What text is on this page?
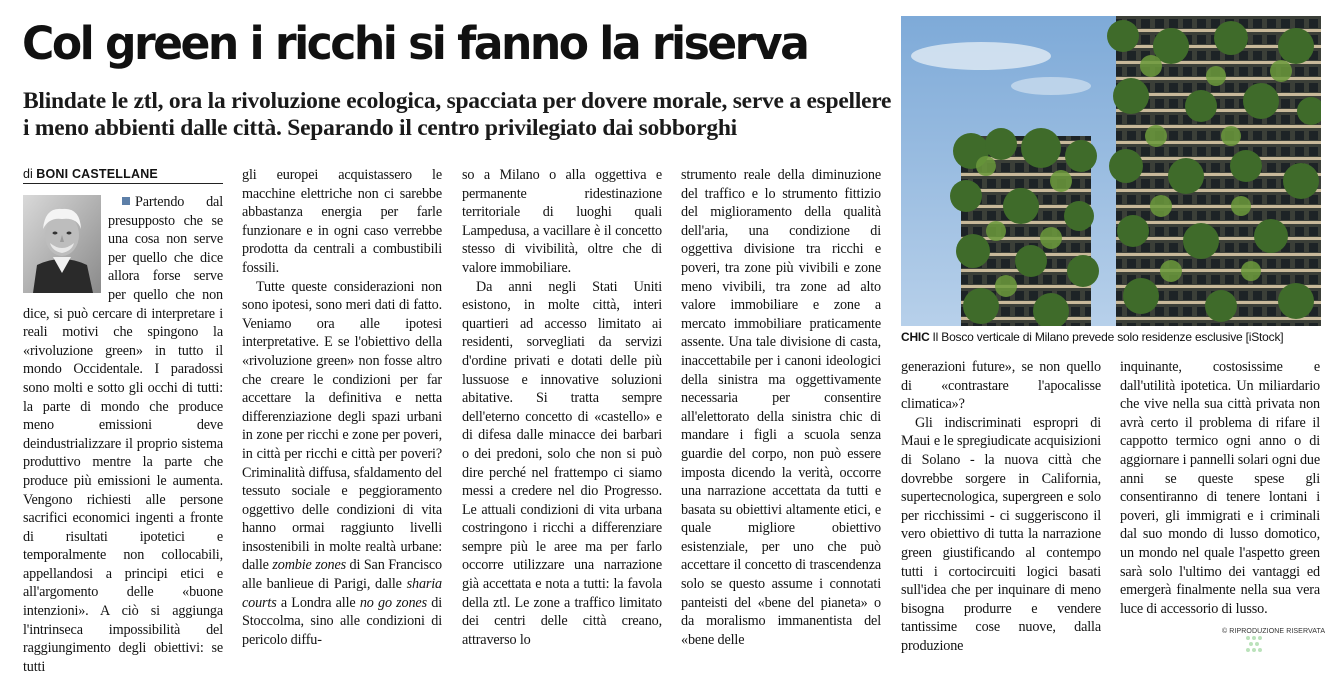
Col green i ricchi si fanno la riserva
Blindate le ztl, ora la rivoluzione ecologica, spacciata per dovere morale, serve a espellere i meno abbienti dalle città. Separando il centro privilegiato dai sobborghi
di BONI CASTELLANE

Partendo dal presupposto che se una cosa non serve per quello che dice allora forse serve per quello che non dice, si può cercare di interpretare i reali motivi che spingono la «rivoluzione green» in tutto il mondo Occidentale. I paradossi sono molti e sotto gli occhi di tutti: la parte di mondo che produce meno emissioni deve deindustrializzare il proprio sistema produttivo mentre la parte che produce più emissioni le aumenta. Vengono richiesti alle persone sacrifici economici ingenti a fronte di risultati ipotetici e temporalmente non collocabili, appellandosi a principi etici e all'argomento delle «buone intenzioni». A ciò si aggiunga l'intrinseca impossibilità del raggiungimento degli obiettivi: se tutti

gli europei acquistassero le macchine elettriche non ci sarebbe abbastanza energia per farle funzionare e in ogni caso verrebbe prodotta da centrali a combustibili fossili.

Tutte queste considerazioni non sono ipotesi, sono meri dati di fatto. Veniamo ora alle ipotesi interpretative. E se l'obiettivo della «rivoluzione green» non fosse altro che creare le condizioni per far accettare la definitiva e netta differenziazione degli spazi urbani in zone per ricchi e zone per poveri, in città per ricchi e città per poveri? Criminalità diffusa, sfaldamento del tessuto sociale e peggioramento oggettivo delle condizioni di vita hanno ormai raggiunto livelli insostenibili in molte realtà urbane: dalle zombie zones di San Francisco alle banlieue di Parigi, dalle sharia courts a Londra alle no go zones di Stoccolma, sino alle condizioni di pericolo diffu-

so a Milano o alla oggettiva e permanente ridestinazione territoriale di luoghi quali Lampedusa, a vacillare è il concetto stesso di vivibilità, oltre che di valore immobiliare.

Da anni negli Stati Uniti esistono, in molte città, interi quartieri ad accesso limitato ai residenti, sorvegliati da servizi d'ordine privati e dotati delle più lussuose e innovative soluzioni abitative. Si tratta sempre dell'eterno concetto di «castello» e di difesa dalle minacce dei barbari o dei predoni, solo che non si può dire perché nel frattempo ci siamo messi a credere nel dio Progresso. Le attuali condizioni di vita urbana costringono i ricchi a differenziare sempre più le aree ma per farlo occorre utilizzare una narrazione già accettata e nota a tutti: la favola della ztl. Le zone a traffico limitato dei centri delle città creano, attraverso lo

strumento reale della diminuzione del traffico e lo strumento fittizio del miglioramento della qualità dell'aria, una condizione di oggettiva divisione tra ricchi e poveri, tra zone più vivibili e zone meno vivibili, tra zone ad alto valore immobiliare e zone a mercato immobiliare praticamente assente. Una tale divisione di casta, inaccettabile per i canoni ideologici della sinistra ma oggettivamente necessaria per consentire all'elettorato della sinistra chic di mandare i figli a scuola senza guardie del corpo, non può essere imposta dicendo la verità, occorre una narrazione accettata da tutti e basata su obiettivi altamente etici, e quale migliore obiettivo esistenziale, per uno che può accettare il concetto di trascendenza solo se questo assume i connotati panteisti del «bene del pianeta» o da moralismo immanentista del «bene delle

CHIC Il Bosco verticale di Milano prevede solo residenze esclusive [iStock]

generazioni future», se non quello di «contrastare l'apocalisse climatica»?

Gli indiscriminati espropri di Maui e le spregiudicate acquisizioni di Solano - la nuova città che dovrebbe sorgere in California, supertecnologica, supergreen e solo per ricchissimi - ci suggeriscono il vero obiettivo di tutta la narrazione green giustificando al contempo tutti i cortocircuiti logici basati sull'idea che per inquinare di meno bisogna produrre e vendere tantissime cose nuove, dalla produzione

inquinante, costosissime e dall'utilità ipotetica. Un miliardario che vive nella sua città privata non avrà certo il problema di rifare il cappotto termico ogni anno o di aggiornare i pannelli solari ogni due anni se queste spese gli consentiranno di tenere lontani i poveri, gli immigrati e i criminali dal suo mondo di lusso domotico, un mondo nel quale l'aspetto green sarà solo l'ultimo dei vantaggi ed emergerà finalmente nella sua vera luce di accessorio di lusso.

© RIPRODUZIONE RISERVATA
